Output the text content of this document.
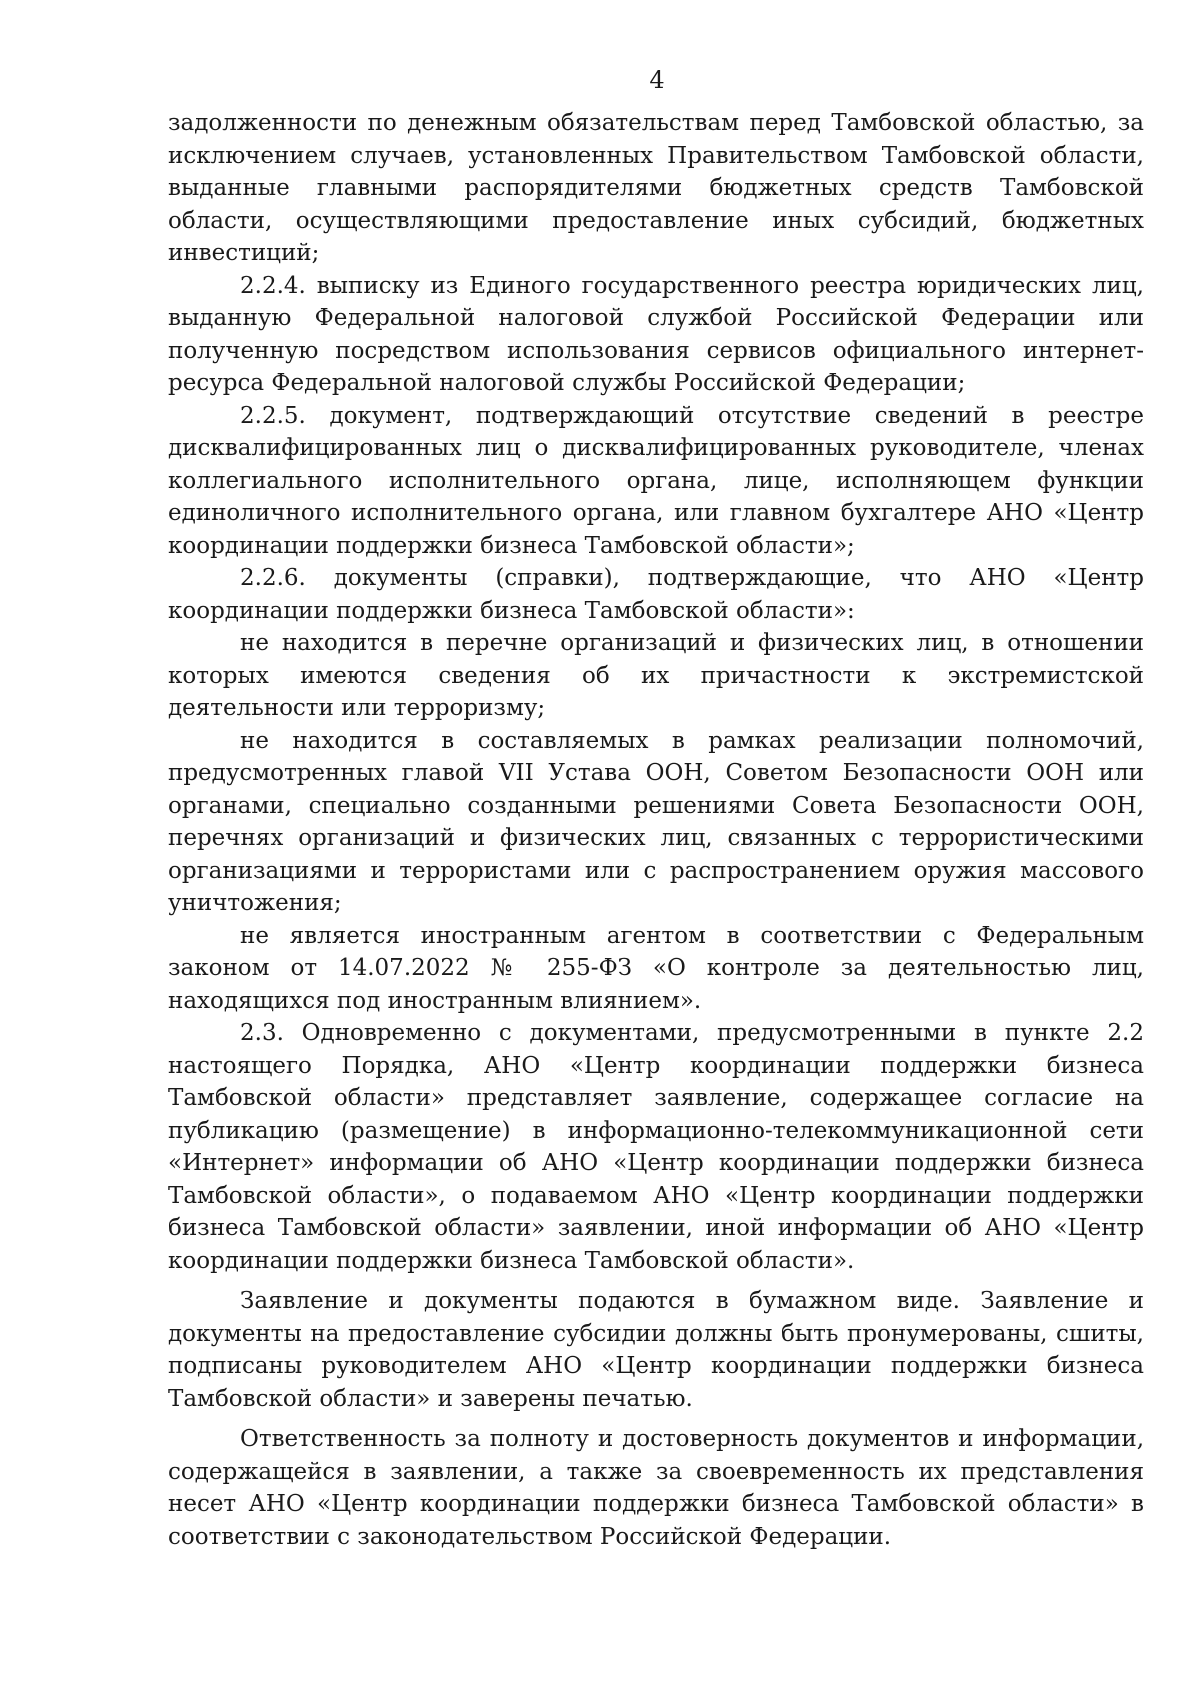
4

задолженности по денежным обязательствам перед Тамбовской областью, за исключением случаев, установленных Правительством Тамбовской области, выданные главными распорядителями бюджетных средств Тамбовской области, осуществляющими предоставление иных субсидий, бюджетных инвестиций;

2.2.4. выписку из Единого государственного реестра юридических лиц, выданную Федеральной налоговой службой Российской Федерации или полученную посредством использования сервисов официального интернет-ресурса Федеральной налоговой службы Российской Федерации;

2.2.5. документ, подтверждающий отсутствие сведений в реестре дисквалифицированных лиц о дисквалифицированных руководителе, членах коллегиального исполнительного органа, лице, исполняющем функции единоличного исполнительного органа, или главном бухгалтере АНО «Центр координации поддержки бизнеса Тамбовской области»;

2.2.6. документы (справки), подтверждающие, что АНО «Центр координации поддержки бизнеса Тамбовской области»:

не находится в перечне организаций и физических лиц, в отношении которых имеются сведения об их причастности к экстремистской деятельности или терроризму;

не находится в составляемых в рамках реализации полномочий, предусмотренных главой VII Устава ООН, Советом Безопасности ООН или органами, специально созданными решениями Совета Безопасности ООН, перечнях организаций и физических лиц, связанных с террористическими организациями и террористами или с распространением оружия массового уничтожения;

не является иностранным агентом в соответствии с Федеральным законом от 14.07.2022 № 255-ФЗ «О контроле за деятельностью лиц, находящихся под иностранным влиянием».

2.3. Одновременно с документами, предусмотренными в пункте 2.2 настоящего Порядка, АНО «Центр координации поддержки бизнеса Тамбовской области» представляет заявление, содержащее согласие на публикацию (размещение) в информационно-телекоммуникационной сети «Интернет» информации об АНО «Центр координации поддержки бизнеса Тамбовской области», о подаваемом АНО «Центр координации поддержки бизнеса Тамбовской области» заявлении, иной информации об АНО «Центр координации поддержки бизнеса Тамбовской области».

Заявление и документы подаются в бумажном виде. Заявление и документы на предоставление субсидии должны быть пронумерованы, сшиты, подписаны руководителем АНО «Центр координации поддержки бизнеса Тамбовской области» и заверены печатью.

Ответственность за полноту и достоверность документов и информации, содержащейся в заявлении, а также за своевременность их представления несет АНО «Центр координации поддержки бизнеса Тамбовской области» в соответствии с законодательством Российской Федерации.
